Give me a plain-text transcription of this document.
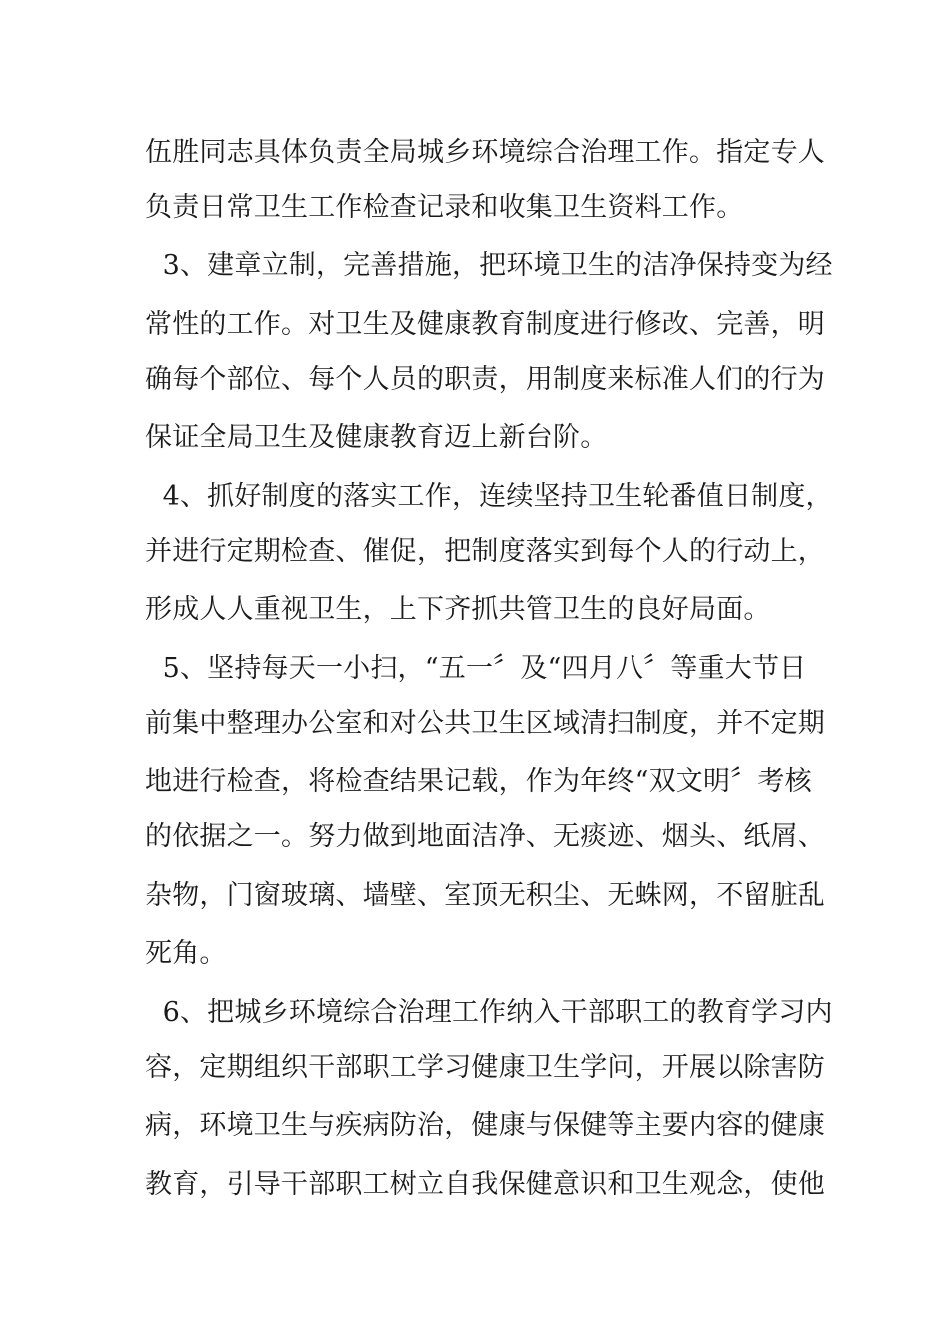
伍胜同志具体负责全局城乡环境综合治理工作。指定专人
负责日常卫生工作检查记录和收集卫生资料工作。
3、建章立制，完善措施，把环境卫生的洁净保持变为经
常性的工作。对卫生及健康教育制度进行修改、完善，明
确每个部位、每个人员的职责，用制度来标准人们的行为
保证全局卫生及健康教育迈上新台阶。
4、抓好制度的落实工作，连续坚持卫生轮番值日制度，
并进行定期检查、催促，把制度落实到每个人的行动上，
形成人人重视卫生，上下齐抓共管卫生的良好局面。
5、坚持每天一小扫，“五一〞及“四月八〞等重大节日
前集中整理办公室和对公共卫生区域清扫制度，并不定期
地进行检查，将检查结果记载，作为年终“双文明〞考核
的依据之一。努力做到地面洁净、无痰迹、烟头、纸屑、
杂物，门窗玻璃、墙壁、室顶无积尘、无蛛网，不留脏乱
死角。
6、把城乡环境综合治理工作纳入干部职工的教育学习内
容，定期组织干部职工学习健康卫生学问，开展以除害防
病，环境卫生与疾病防治，健康与保健等主要内容的健康
教育，引导干部职工树立自我保健意识和卫生观念，使他
